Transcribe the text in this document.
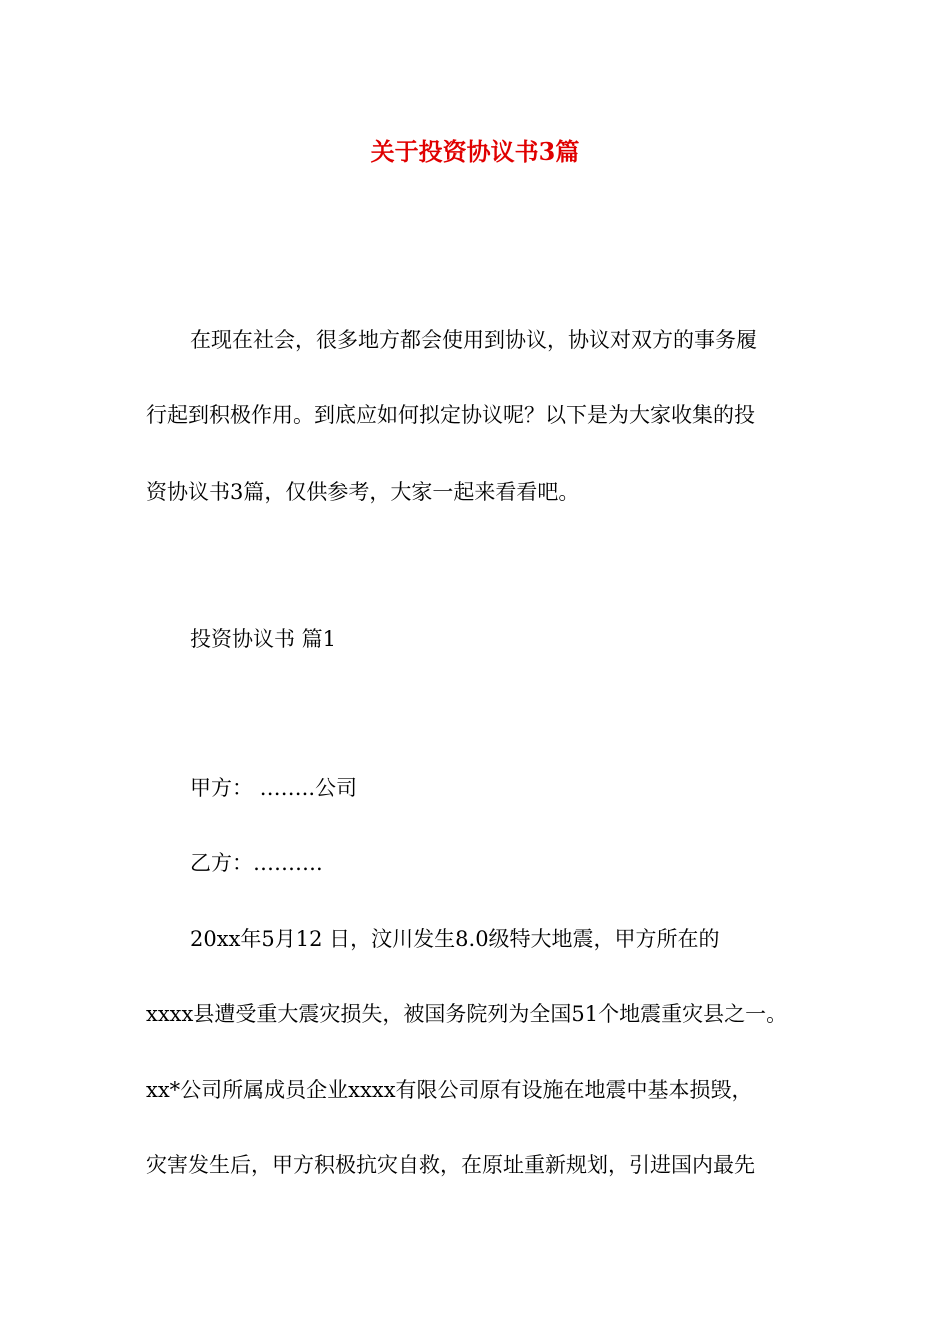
关于投资协议书3篇
在现在社会，很多地方都会使用到协议，协议对双方的事务履
行起到积极作用。到底应如何拟定协议呢？以下是为大家收集的投
资协议书3篇，仅供参考，大家一起来看看吧。
投资协议书 篇1
甲方： ……..公司
乙方：……….
20xx年5月12 日，汶川发生8.0级特大地震，甲方所在的
xxxx县遭受重大震灾损失，被国务院列为全国51个地震重灾县之一。
xx*公司所属成员企业xxxx有限公司原有设施在地震中基本损毁，
灾害发生后，甲方积极抗灾自救，在原址重新规划，引进国内最先
